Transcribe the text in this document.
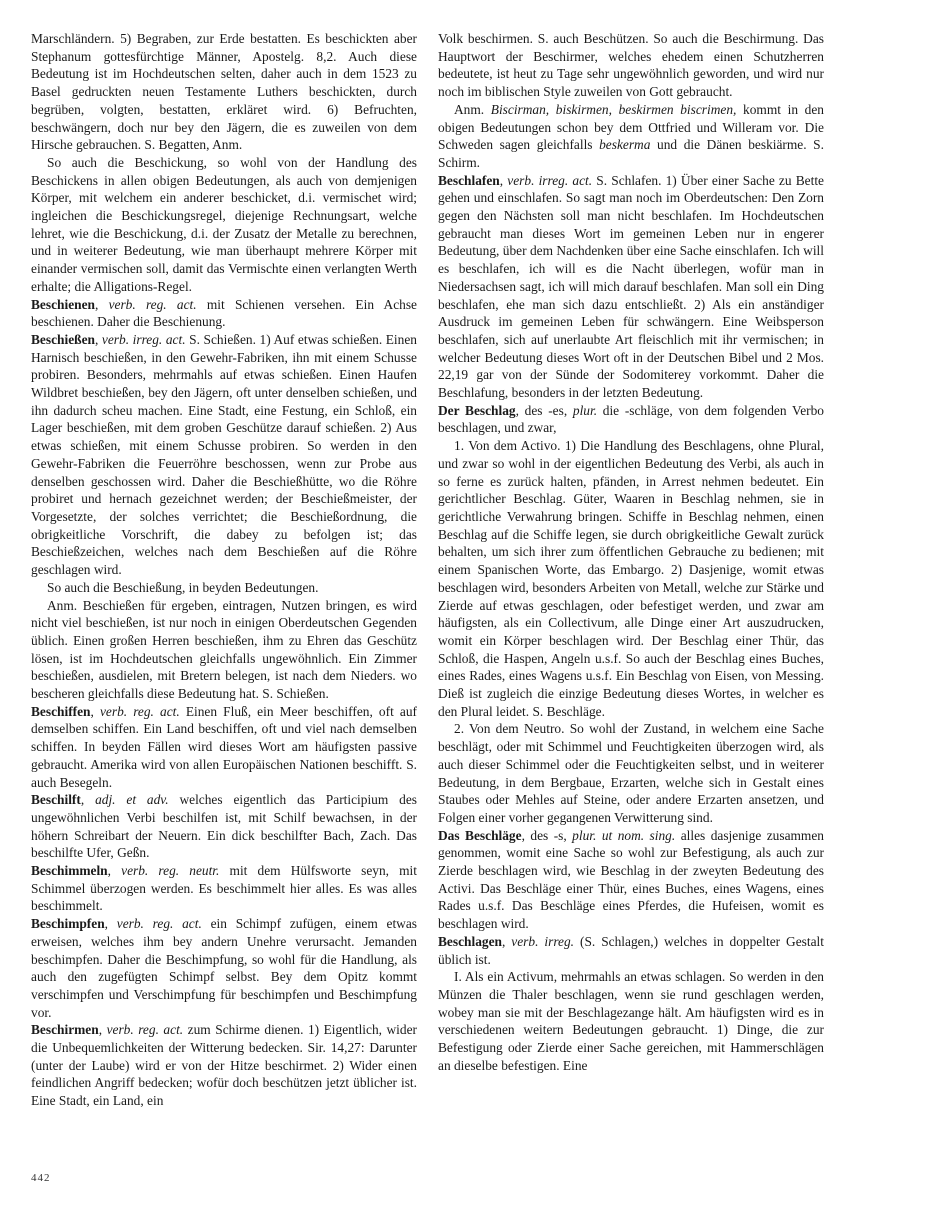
Marschländern. 5) Begraben, zur Erde bestatten. Es beschickten aber Stephanum gottesfürchtige Männer, Apostelg. 8,2. Auch diese Bedeutung ist im Hochdeutschen selten, daher auch in dem 1523 zu Basel gedruckten neuen Testamente Luthers beschickten, durch begrüben, volgten, bestatten, erkläret wird. 6) Befruchten, beschwängern, doch nur bey den Jägern, die es zuweilen von dem Hirsche gebrauchen. S. Begatten, Anm.

So auch die Beschickung, so wohl von der Handlung des Beschickens in allen obigen Bedeutungen, als auch von demjenigen Körper, mit welchem ein anderer beschicket, d.i. vermischet wird; ingleichen die Beschickungsregel, diejenige Rechnungsart, welche lehret, wie die Beschickung, d.i. der Zusatz der Metalle zu berechnen, und in weiterer Bedeutung, wie man überhaupt mehrere Körper mit einander vermischen soll, damit das Vermischte einen verlangten Werth erhalte; die Alligations-Regel.

Beschienen, verb. reg. act. mit Schienen versehen. Ein Achse beschienen. Daher die Beschienung.

Beschießen, verb. irreg. act. S. Schießen. 1) Auf etwas schießen. Einen Harnisch beschießen, in den Gewehr-Fabriken, ihn mit einem Schusse probiren. Besonders, mehrmahls auf etwas schießen. Einen Haufen Wildbret beschießen, bey den Jägern, oft unter denselben schießen, und ihn dadurch scheu machen. Eine Stadt, eine Festung, ein Schloß, ein Lager beschießen, mit dem groben Geschütze darauf schießen. 2) Aus etwas schießen, mit einem Schusse probiren. So werden in den Gewehr-Fabriken die Feuerröhre beschossen, wenn zur Probe aus denselben geschossen wird. Daher die Beschießhütte, wo die Röhre probiret und hernach gezeichnet werden; der Beschießmeister, der Vorgesetzte, der solches verrichtet; die Beschießordnung, die obrigkeitliche Vorschrift, die dabey zu befolgen ist; das Beschießzeichen, welches nach dem Beschießen auf die Röhre geschlagen wird.

So auch die Beschießung, in beyden Bedeutungen.

Anm. Beschießen für ergeben, eintragen, Nutzen bringen, es wird nicht viel beschießen, ist nur noch in einigen Oberdeutschen Gegenden üblich. Einen großen Herren beschießen, ihm zu Ehren das Geschütz lösen, ist im Hochdeutschen gleichfalls ungewöhnlich. Ein Zimmer beschießen, ausdielen, mit Bretern belegen, ist nach dem Nieders. wo bescheren gleichfalls diese Bedeutung hat. S. Schießen.

Beschiffen, verb. reg. act. Einen Fluß, ein Meer beschiffen, oft auf demselben schiffen. Ein Land beschiffen, oft und viel nach demselben schiffen. In beyden Fällen wird dieses Wort am häufigsten passive gebraucht. Amerika wird von allen Europäischen Nationen beschifft. S. auch Besegeln.

Beschilft, adj. et adv. welches eigentlich das Participium des ungewöhnlichen Verbi beschilfen ist, mit Schilf bewachsen, in der höhern Schreibart der Neuern. Ein dick beschilfter Bach, Zach. Das beschilfte Ufer, Geßn.

Beschimmeln, verb. reg. neutr. mit dem Hülfsworte seyn, mit Schimmel überzogen werden. Es beschimmelt hier alles. Es was alles beschimmelt.

Beschimpfen, verb. reg. act. ein Schimpf zufügen, einem etwas erweisen, welches ihm bey andern Unehre verursacht. Jemanden beschimpfen. Daher die Beschimpfung, so wohl für die Handlung, als auch den zugefügten Schimpf selbst. Bey dem Opitz kommt verschimpfen und Verschimpfung für beschimpfen und Beschimpfung vor.

Beschirmen, verb. reg. act. zum Schirme dienen. 1) Eigentlich, wider die Unbequemlichkeiten der Witterung bedecken. Sir. 14,27: Darunter (unter der Laube) wird er von der Hitze beschirmet. 2) Wider einen feindlichen Angriff bedecken; wofür doch beschützen jetzt üblicher ist. Eine Stadt, ein Land, ein

Volk beschirmen. S. auch Beschützen. So auch die Beschirmung. Das Hauptwort der Beschirmer, welches ehedem einen Schutzherren bedeutete, ist heut zu Tage sehr ungewöhnlich geworden, und wird nur noch im biblischen Style zuweilen von Gott gebraucht.

Anm. Biscirman, biskirmen, beskirmen biscrimen, kommt in den obigen Bedeutungen schon bey dem Ottfried und Willeram vor. Die Schweden sagen gleichfalls beskerma und die Dänen beskiärme. S. Schirm.

Beschlafen, verb. irreg. act. S. Schlafen. 1) Über einer Sache zu Bette gehen und einschlafen. So sagt man noch im Oberdeutschen: Den Zorn gegen den Nächsten soll man nicht beschlafen. Im Hochdeutschen gebraucht man dieses Wort im gemeinen Leben nur in engerer Bedeutung, über dem Nachdenken über eine Sache einschlafen. Ich will es beschlafen, ich will es die Nacht überlegen, wofür man in Niedersachsen sagt, ich will mich darauf beschlafen. Man soll ein Ding beschlafen, ehe man sich dazu entschließt. 2) Als ein anständiger Ausdruck im gemeinen Leben für schwängern. Eine Weibsperson beschlafen, sich auf unerlaubte Art fleischlich mit ihr vermischen; in welcher Bedeutung dieses Wort oft in der Deutschen Bibel und 2 Mos. 22,19 gar von der Sünde der Sodomiterey vorkommt. Daher die Beschlafung, besonders in der letzten Bedeutung.

Der Beschlag, des -es, plur. die -schläge, von dem folgenden Verbo beschlagen, und zwar,

1. Von dem Activo. 1) Die Handlung des Beschlagens, ohne Plural, und zwar so wohl in der eigentlichen Bedeutung des Verbi, als auch in so ferne es zurück halten, pfänden, in Arrest nehmen bedeutet. Ein gerichtlicher Beschlag. Güter, Waaren in Beschlag nehmen, sie in gerichtliche Verwahrung bringen. Schiffe in Beschlag nehmen, einen Beschlag auf die Schiffe legen, sie durch obrigkeitliche Gewalt zurück behalten, um sich ihrer zum öffentlichen Gebrauche zu bedienen; mit einem Spanischen Worte, das Embargo. 2) Dasjenige, womit etwas beschlagen wird, besonders Arbeiten von Metall, welche zur Stärke und Zierde auf etwas geschlagen, oder befestiget werden, und zwar am häufigsten, als ein Collectivum, alle Dinge einer Art auszudrucken, womit ein Körper beschlagen wird. Der Beschlag einer Thür, das Schloß, die Haspen, Angeln u.s.f. So auch der Beschlag eines Buches, eines Rades, eines Wagens u.s.f. Ein Beschlag von Eisen, von Messing. Dieß ist zugleich die einzige Bedeutung dieses Wortes, in welcher es den Plural leidet. S. Beschläge.

2. Von dem Neutro. So wohl der Zustand, in welchem eine Sache beschlägt, oder mit Schimmel und Feuchtigkeiten überzogen wird, als auch dieser Schimmel oder die Feuchtigkeiten selbst, und in weiterer Bedeutung, in dem Bergbaue, Erzarten, welche sich in Gestalt eines Staubes oder Mehles auf Steine, oder andere Erzarten ansetzen, und Folgen einer vorher gegangenen Verwitterung sind.

Das Beschläge, des -s, plur. ut nom. sing. alles dasjenige zusammen genommen, womit eine Sache so wohl zur Befestigung, als auch zur Zierde beschlagen wird, wie Beschlag in der zweyten Bedeutung des Activi. Das Beschläge einer Thür, eines Buches, eines Wagens, eines Rades u.s.f. Das Beschläge eines Pferdes, die Hufeisen, womit es beschlagen wird.

Beschlagen, verb. irreg. (S. Schlagen,) welches in doppelter Gestalt üblich ist.

I. Als ein Activum, mehrmahls an etwas schlagen. So werden in den Münzen die Thaler beschlagen, wenn sie rund geschlagen werden, wobey man sie mit der Beschlagezange hält. Am häufigsten wird es in verschiedenen weitern Bedeutungen gebraucht. 1) Dinge, die zur Befestigung oder Zierde einer Sache gereichen, mit Hammerschlägen an dieselbe befestigen. Eine

442
